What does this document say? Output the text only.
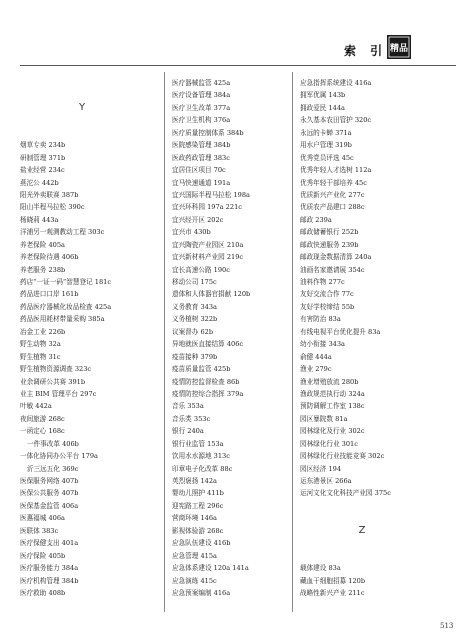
索 引 精品
Y
烟草专卖 234b
研制管理 371b
盐业经营 234c
燕沱公 442b
阳光外卖联赛 387b
阳山半程马拉松 390c
杨晓莉 443a
洋浦另一观测教动工程 303c
养老保险 405a
养老保险待遇 406b
养老服务 238b
药店“一证一码”智慧登记 181c
药品进口口岸 161b
药品医疗器械化妆品检查 425a
药品医用耗材带量采购 385a
冶金工业 226b
野生动物 32a
野生植物 31c
野生植物资源调查 323c
业余调研公共赛 391b
业主 BIM 管理平台 297c
叶敏 442a
夜间旅游 268c
一函定心 168c
一件事改革 406b
一体化协同办公平台 179a
沂三远五化 369c
医保服务网络 407b
医保公共服务 407b
医保基金监管 406a
医惠福城 406a
医联体 383c
医疗保健支出 401a
医疗保险 405b
医疗服务能力 384a
医疗机构管理 384b
医疗救助 408b
医疗器械监管 425a
医疗设备管理 384a
医疗卫生改革 377a
医疗卫生机构 376a
医疗质量控制体系 384b
医院感染管理 384b
医政药政管理 383c
宜居住区项目 70c
宜马快速通道 191a
宜兴国际半程马拉松 198a
宜兴环科园 197a 221c
宜兴经开区 202c
宜兴市 430b
宜兴陶瓷产业园区 210a
宜兴新材料产业园 219c
宜长高速公路 190c
移动公司 175c
遗体和人体器官捐献 120b
义务教育 343a
义务植树 322b
议案督办 62b
异地就医直接结算 406c
疫苗接种 379b
疫苗质量监管 425b
疫情防控监督检查 86b
疫情防控综合指挥 379a
音乐 353a
音乐类 353c
银行 240a
银行业监管 153a
饮用水水源地 313c
印章电子化改革 88c
英烈褒扬 142a
婴幼儿照护 411b
迎宪路工程 296c
营商环境 146a
影视体验游 268c
应急队伍建设 416b
应急管理 415a
应急体系建设 120a 141a
应急演练 415c
应急预案编制 416a
应急指挥系统建设 416a
拥军优属 143b
拥政爱民 144a
永久基本农田管护 320c
永远的卡蝉 371a
用水户管理 319b
优秀党员评选 45c
优秀年轻人才选树 112a
优秀年轻干部培养 45c
优质新兴产业化 277c
优质农产品建口 288c
邮政 239a
邮政储蓄银行 252b
邮政快递服务 239b
邮政现金数据清算 240a
油画名家邀请展 354c
油料作物 277c
友好交流合作 77c
友好学校缔结 55b
有害防治 83a
有线电视平台优化提升 83a
幼小衔接 343a
俞健 444a
渔业 279c
渔业增殖放流 280b
渔政规范执行动 324a
预防调解工作室 138c
园区暴院数 81a
园林绿化及行业 302c
园林绿化行业 301c
园林绿化行业技能竞赛 302c
园区经济 194
运东港景区 266a
运河文化文化科技产业园 375c
Z
载体建设 83a
藏血干细胞招募 120b
战略性新兴产业 211c
513
